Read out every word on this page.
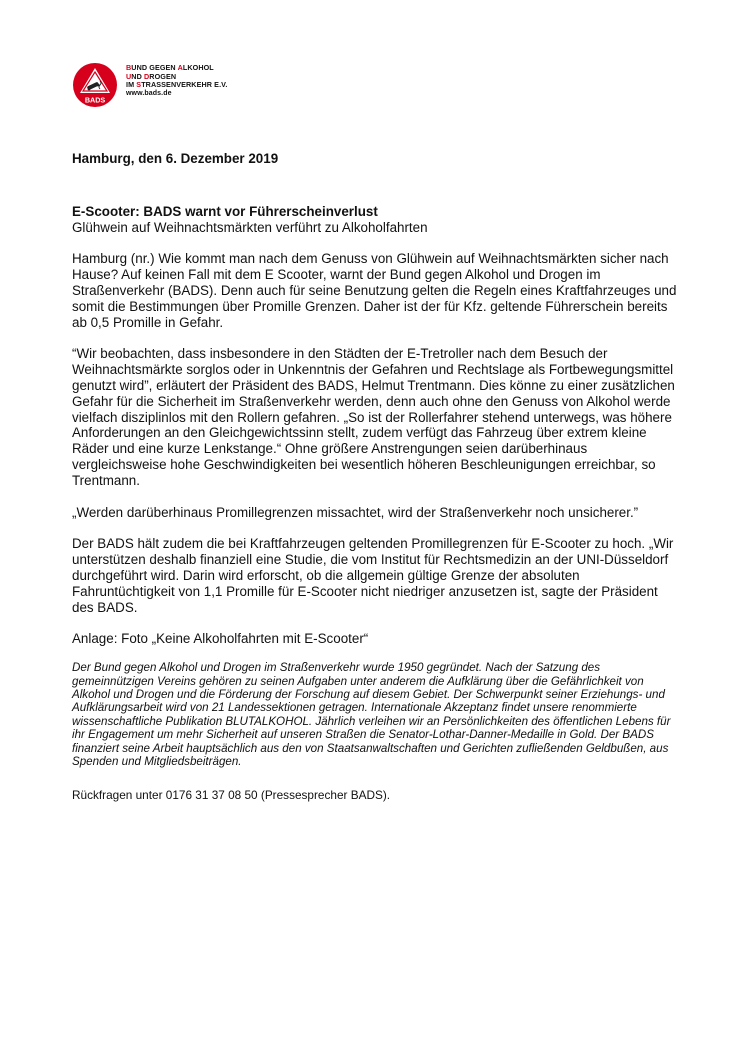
BADS
BUND GEGEN ALKOHOL
UND DROGEN
IM STRASSENVERKEHR E.V.
www.bads.de

Hamburg, den 6. Dezember 2019

E-Scooter: BADS warnt vor Führerscheinverlust

Glühwein auf Weihnachtsmärkten verführt zu Alkoholfahrten

Hamburg (nr.) Wie kommt man nach dem Genuss von Glühwein auf Weihnachtsmärkten sicher nach Hause? Auf keinen Fall mit dem E Scooter, warnt der Bund gegen Alkohol und Drogen im Straßenverkehr (BADS). Denn auch für seine Benutzung gelten die Regeln eines Kraftfahrzeuges und somit die Bestimmungen über Promille Grenzen. Daher ist der für Kfz. geltende Führerschein bereits ab 0,5 Promille in Gefahr.

“Wir beobachten, dass insbesondere in den Städten der E-Tretroller nach dem Besuch der Weihnachtsmärkte sorglos oder in Unkenntnis der Gefahren und Rechtslage als Fortbewegungsmittel genutzt wird”, erläutert der Präsident des BADS, Helmut Trentmann. Dies könne zu einer zusätzlichen Gefahr für die Sicherheit im Straßenverkehr werden, denn auch ohne den Genuss von Alkohol werde vielfach disziplinlos mit den Rollern gefahren. „So ist der Rollerfahrer stehend unterwegs, was höhere Anforderungen an den Gleichgewichtssinn stellt, zudem verfügt das Fahrzeug über extrem kleine Räder und eine kurze Lenkstange.“ Ohne größere Anstrengungen seien darüberhinaus vergleichsweise hohe Geschwindigkeiten bei wesentlich höheren Beschleunigungen erreichbar, so Trentmann.

„Werden darüberhinaus Promillegrenzen missachtet, wird der Straßenverkehr noch unsicherer.”

Der BADS hält zudem die bei Kraftfahrzeugen geltenden Promillegrenzen für E-Scooter zu hoch. „Wir unterstützen deshalb finanziell eine Studie, die vom Institut für Rechtsmedizin an der UNI-Düsseldorf durchgeführt wird. Darin wird erforscht, ob die allgemein gültige Grenze der absoluten Fahruntüchtigkeit von 1,1 Promille für E-Scooter nicht niedriger anzusetzen ist, sagte der Präsident des BADS.

Anlage: Foto „Keine Alkoholfahrten mit E-Scooter“

Der Bund gegen Alkohol und Drogen im Straßenverkehr wurde 1950 gegründet. Nach der Satzung des gemeinnützigen Vereins gehören zu seinen Aufgaben unter anderem die Aufklärung über die Gefährlichkeit von Alkohol und Drogen und die Förderung der Forschung auf diesem Gebiet. Der Schwerpunkt seiner Erziehungs- und Aufklärungsarbeit wird von 21 Landessektionen getragen. Internationale Akzeptanz findet unsere renommierte wissenschaftliche Publikation BLUTALKOHOL. Jährlich verleihen wir an Persönlichkeiten des öffentlichen Lebens für ihr Engagement um mehr Sicherheit auf unseren Straßen die Senator-Lothar-Danner-Medaille in Gold. Der BADS finanziert seine Arbeit hauptsächlich aus den von Staatsanwaltschaften und Gerichten zufließenden Geldbußen, aus Spenden und Mitgliedsbeiträgen.

Rückfragen unter 0176 31 37 08 50 (Pressesprecher BADS).
